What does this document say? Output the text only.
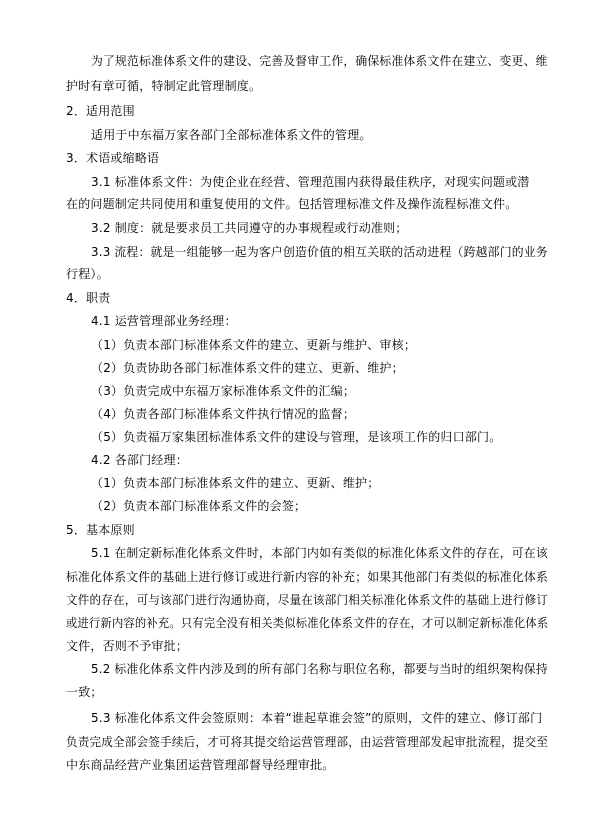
为了规范标准体系文件的建设、完善及督审工作，确保标准体系文件在建立、变更、维
护时有章可循，特制定此管理制度。
2．适用范围
适用于中东福万家各部门全部标准体系文件的管理。
3．术语或缩略语
3.1 标准体系文件：为使企业在经营、管理范围内获得最佳秩序，对现实问题或潜
在的问题制定共同使用和重复使用的文件。包括管理标准文件及操作流程标准文件。
3.2 制度：就是要求员工共同遵守的办事规程或行动准则；
3.3 流程：就是一组能够一起为客户创造价值的相互关联的活动进程（跨越部门的业务
行程）。
4．职责
4.1 运营管理部业务经理：
（1）负责本部门标准体系文件的建立、更新与维护、审核；
（2）负责协助各部门标准体系文件的建立、更新、维护；
（3）负责完成中东福万家标准体系文件的汇编；
（4）负责各部门标准体系文件执行情况的监督；
（5）负责福万家集团标准体系文件的建设与管理，是该项工作的归口部门。
4.2 各部门经理：
（1）负责本部门标准体系文件的建立、更新、维护；
（2）负责本部门标准体系文件的会签；
5．基本原则
5.1 在制定新标准化体系文件时，本部门内如有类似的标准化体系文件的存在，可在该
标准化体系文件的基础上进行修订或进行新内容的补充；如果其他部门有类似的标准化体系
文件的存在，可与该部门进行沟通协商，尽量在该部门相关标准化体系文件的基础上进行修订
或进行新内容的补充。只有完全没有相关类似标准化体系文件的存在，才可以制定新标准化体系
文件，否则不予审批；
5.2 标准化体系文件内涉及到的所有部门名称与职位名称，都要与当时的组织架构保持
一致；
5.3 标准化体系文件会签原则：本着“谁起草谁会签”的原则，文件的建立、修订部门
负责完成全部会签手续后，才可将其提交给运营管理部，由运营管理部发起审批流程，提交至
中东商品经营产业集团运营管理部督导经理审批。
